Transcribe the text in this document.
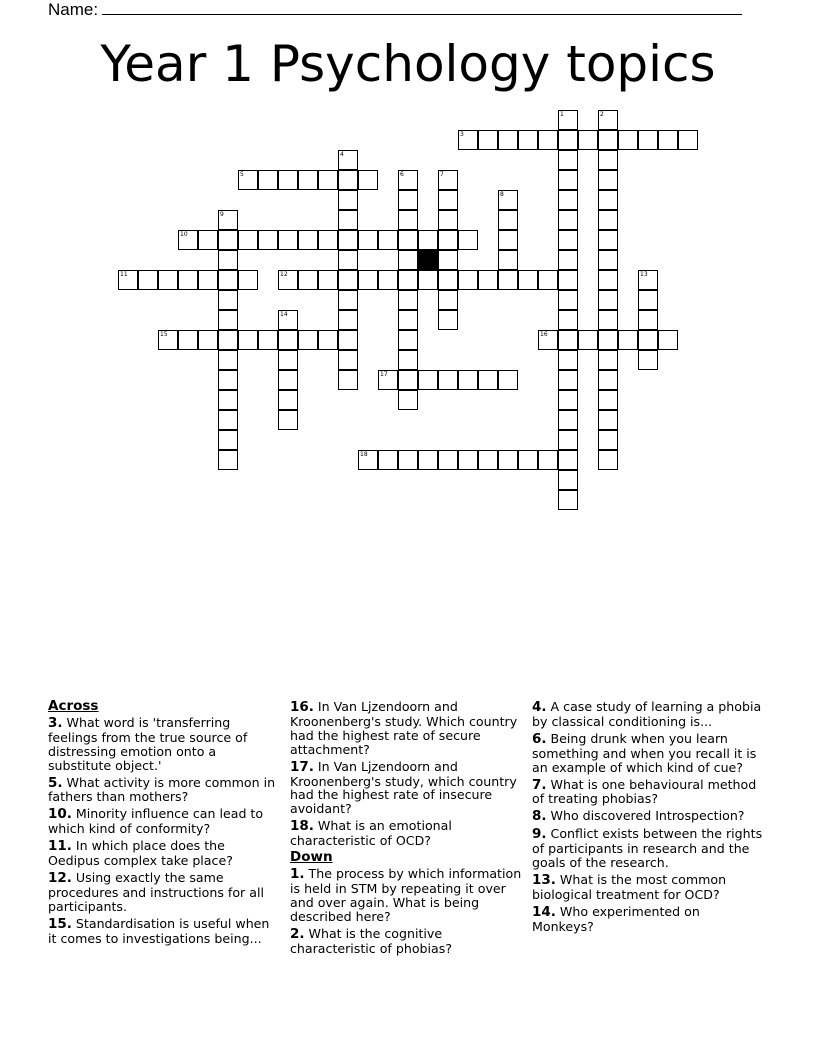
Name:
Year 1 Psychology topics
1	2
3
4
5	6	7
8
9
10
11	12	13
14
15	16
17
18
Across
3. What word is 'transferring feelings from the true source of distressing emotion onto a substitute object.'
5. What activity is more common in fathers than mothers?
10. Minority influence can lead to which kind of conformity?
11. In which place does the Oedipus complex take place?
12. Using exactly the same procedures and instructions for all participants.
15. Standardisation is useful when it comes to investigations being...
16. In Van Ljzendoorn and Kroonenberg's study. Which country had the highest rate of secure attachment?
17. In Van Ljzendoorn and Kroonenberg's study, which country had the highest rate of insecure avoidant?
18. What is an emotional characteristic of OCD?
Down
1. The process by which information is held in STM by repeating it over and over again. What is being described here?
2. What is the cognitive characteristic of phobias?
4. A case study of learning a phobia by classical conditioning is...
6. Being drunk when you learn something and when you recall it is an example of which kind of cue?
7. What is one behavioural method of treating phobias?
8. Who discovered Introspection?
9. Conflict exists between the rights of participants in research and the goals of the research.
13. What is the most common biological treatment for OCD?
14. Who experimented on Monkeys?
